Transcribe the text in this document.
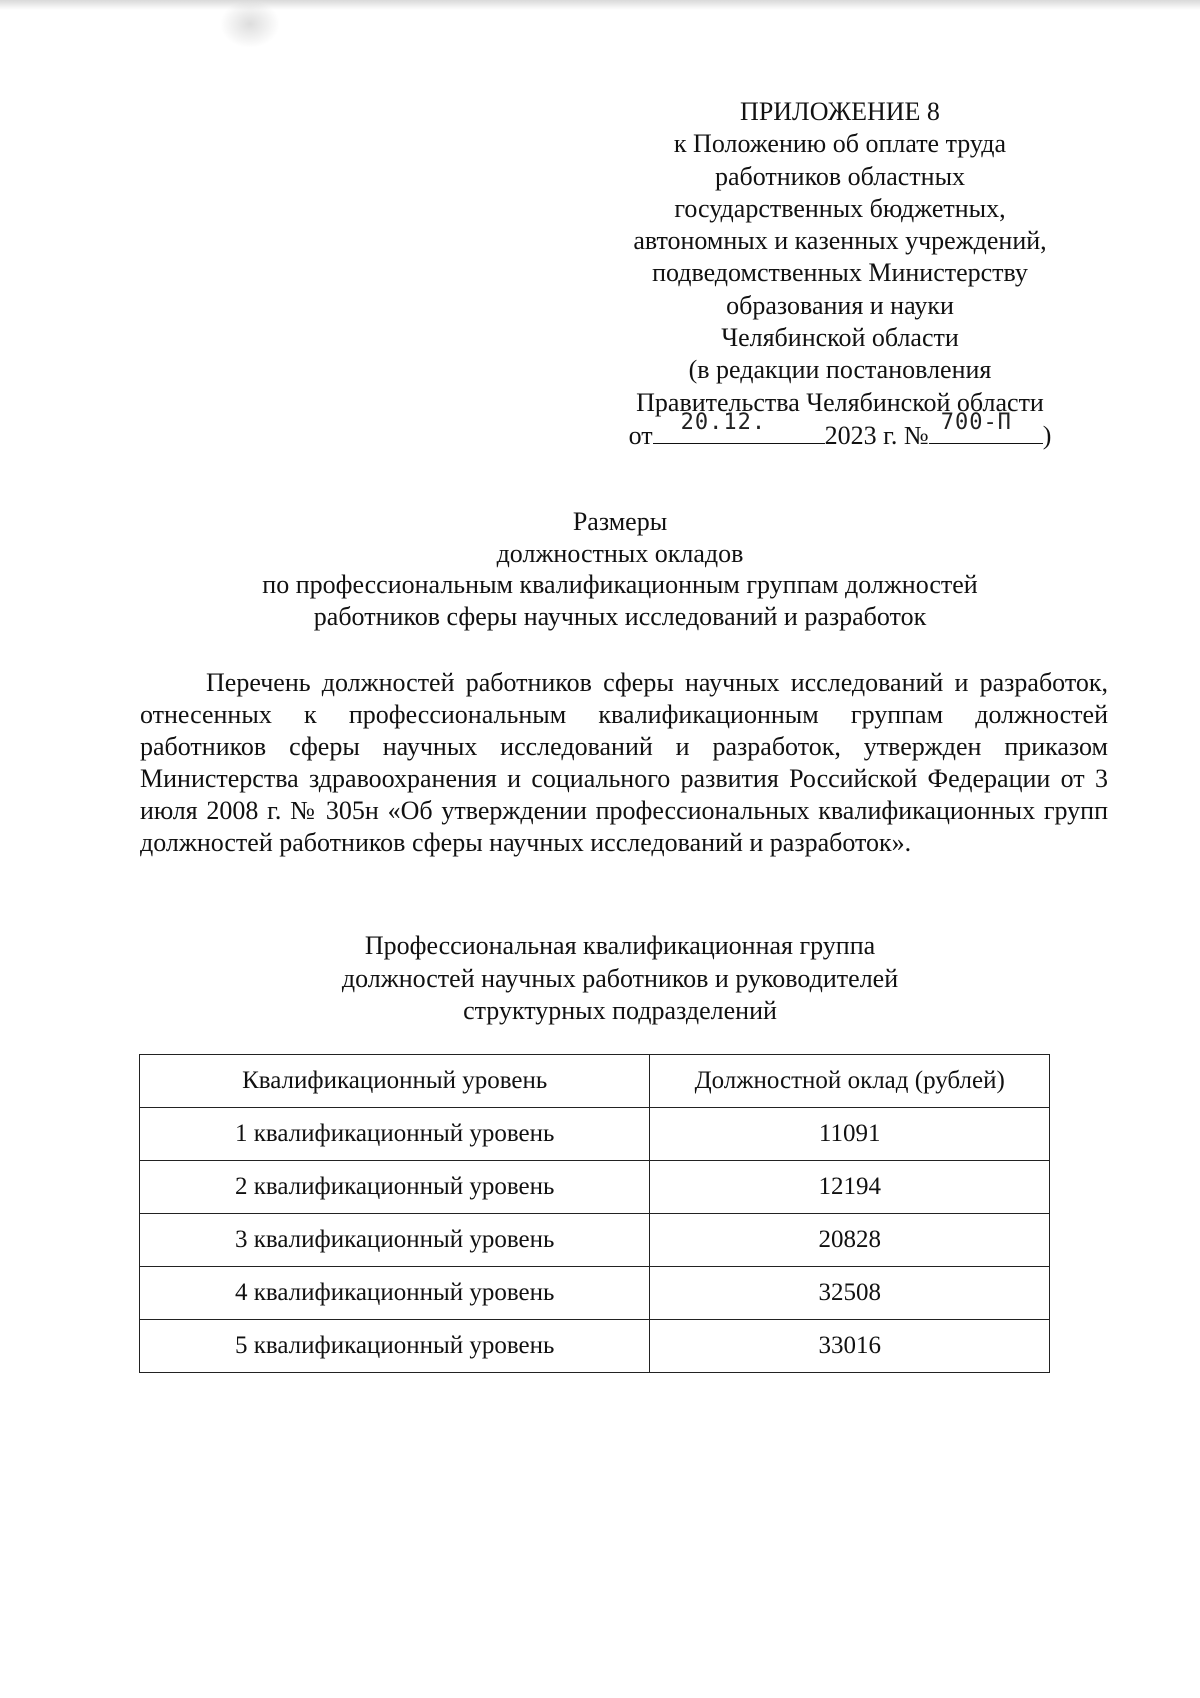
ПРИЛОЖЕНИЕ 8
к Положению об оплате труда
работников областных
государственных бюджетных,
автономных и казенных учреждений,
подведомственных Министерству
образования и науки
Челябинской области
(в редакции постановления
Правительства Челябинской области
от 20.12. 2023 г. № 700-П )
Размеры
должностных окладов
по профессиональным квалификационным группам должностей
работников сферы научных исследований и разработок

Перечень должностей работников сферы научных исследований и разработок, отнесенных к профессиональным квалификационным группам должностей работников сферы научных исследований и разработок, утвержден приказом Министерства здравоохранения и социального развития Российской Федерации от 3 июля 2008 г. № 305н «Об утверждении профессиональных квалификационных групп должностей работников сферы научных исследований и разработок».

Профессиональная квалификационная группа
должностей научных работников и руководителей
структурных подразделений
Квалификационный уровень	Должностной оклад (рублей)
1 квалификационный уровень	11091
2 квалификационный уровень	12194
3 квалификационный уровень	20828
4 квалификационный уровень	32508
5 квалификационный уровень	33016
